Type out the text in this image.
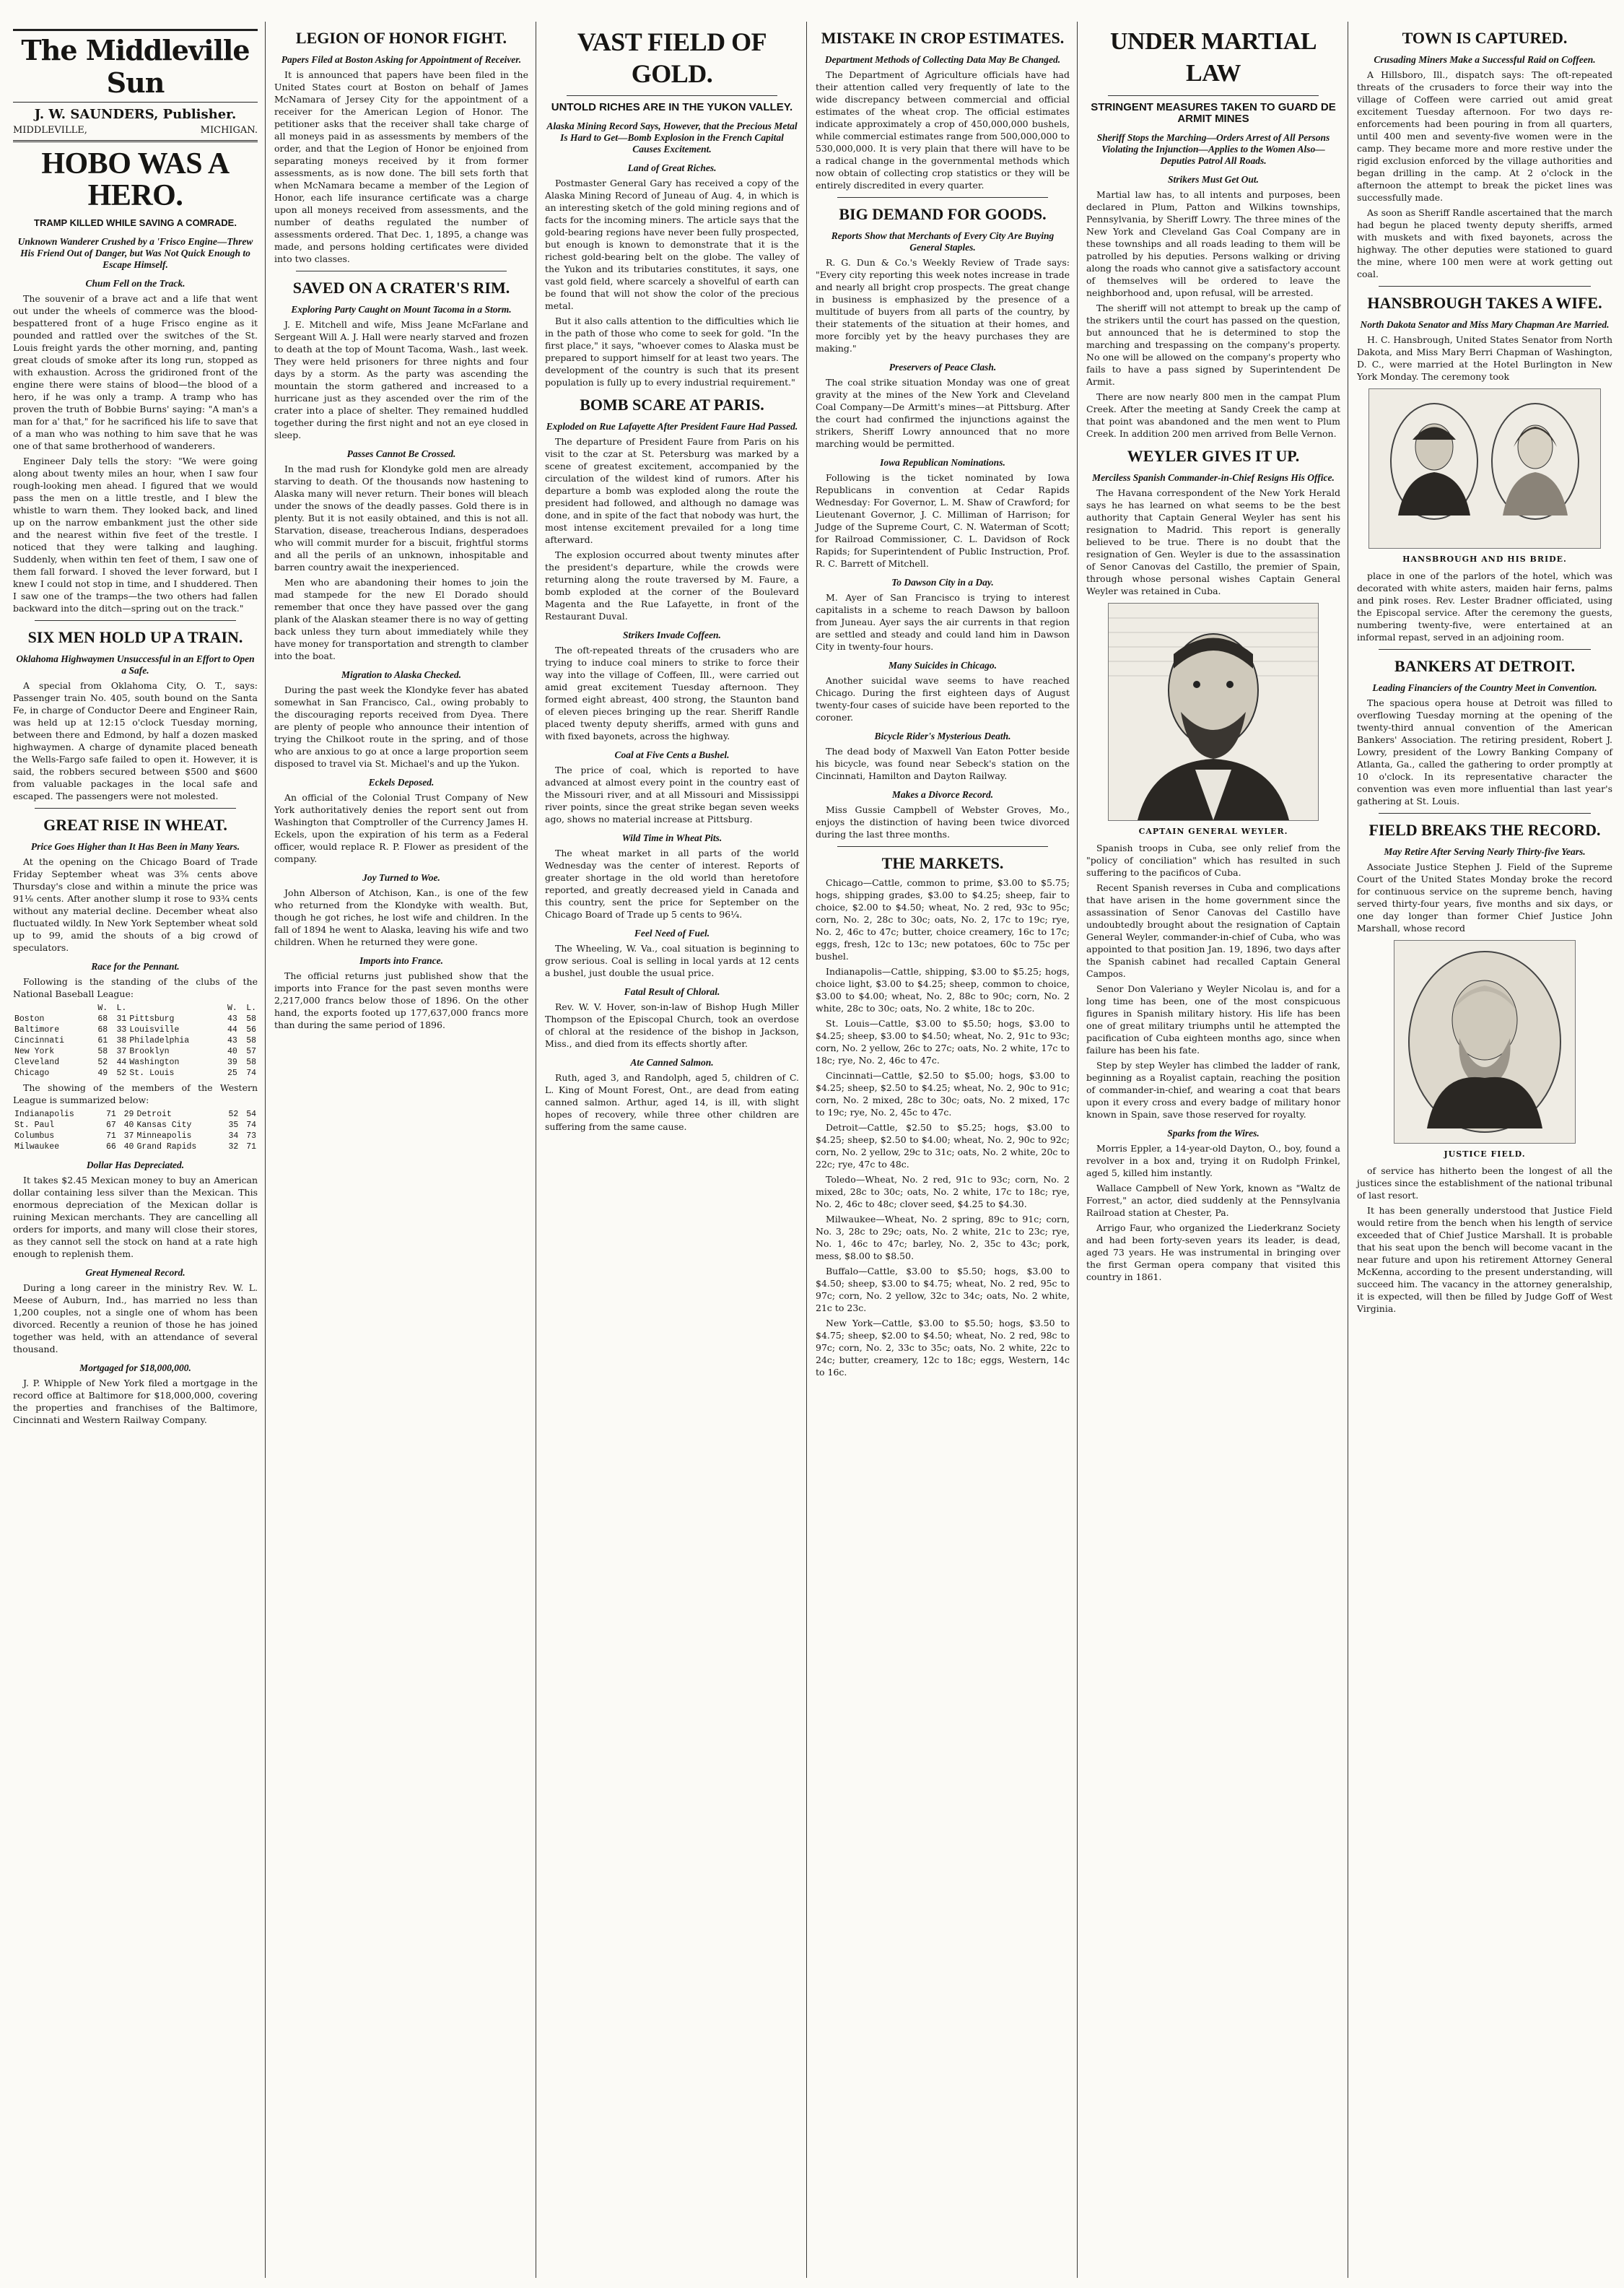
The Middleville Sun
J. W. SAUNDERS, Publisher.
MIDDLEVILLE,	MICHIGAN.
HOBO WAS A HERO.
TRAMP KILLED WHILE SAVING A COMRADE.
Unknown Wanderer Crushed by a 'Frisco Engine—Threw His Friend Out of Danger, but Was Not Quick Enough to Escape Himself.
Chum Fell on the Track.

The souvenir of a brave act and a life that went out under the wheels of commerce was the blood-bespattered front of a huge Frisco engine as it pounded and rattled over the switches of the St. Louis freight yards the other morning, and, panting great clouds of smoke after its long run, stopped as with exhaustion. Across the gridironed front of the engine there were stains of blood—the blood of a hero, if he was only a tramp. A tramp who has proven the truth of Bobbie Burns' saying: "A man's a man for a' that," for he sacrificed his life to save that of a man who was nothing to him save that he was one of that same brotherhood of wanderers.

Engineer Daly tells the story: "We were going along about twenty miles an hour, when I saw four rough-looking men ahead. I figured that we would pass the men on a little trestle, and I blew the whistle to warn them. They looked back, and lined up on the narrow embankment just the other side and the nearest within five feet of the trestle. I noticed that they were talking and laughing. Suddenly, when within ten feet of them, I saw one of them fall forward. I shoved the lever forward, but I knew I could not stop in time, and I shuddered. Then I saw one of the tramps—the two others had fallen backward into the ditch—spring out on the track."

SIX MEN HOLD UP A TRAIN.
Oklahoma Highwaymen Unsuccessful in an Effort to Open a Safe.

A special from Oklahoma City, O. T., says: Passenger train No. 405, south bound on the Santa Fe, in charge of Conductor Deere and Engineer Rain, was held up at 12:15 o'clock Tuesday morning, between there and Edmond, by half a dozen masked highwaymen. A charge of dynamite placed beneath the Wells-Fargo safe failed to open it. However, it is said, the robbers secured between $500 and $600 from valuable packages in the local safe and escaped. The passengers were not molested.

GREAT RISE IN WHEAT.
Price Goes Higher than It Has Been in Many Years.

At the opening on the Chicago Board of Trade Friday September wheat was 3⅝ cents above Thursday's close and within a minute the price was 91⅛ cents. After another slump it rose to 93¾ cents without any material decline. December wheat also fluctuated wildly. In New York September wheat sold up to 99, amid the shouts of a big crowd of speculators.

Race for the Pennant.

Following is the standing of the clubs of the National Baseball League:

	W.	L.		W.	L.
Boston	68	31	Pittsburg	43	58
Baltimore	68	33	Louisville	44	56
Cincinnati	61	38	Philadelphia	43	58
New York	58	37	Brooklyn	40	57
Cleveland	52	44	Washington	39	58
Chicago	49	52	St. Louis	25	74

The showing of the members of the Western League is summarized below:

Indianapolis	71	29	Detroit	52	54
St. Paul	67	40	Kansas City	35	74
Columbus	71	37	Minneapolis	34	73
Milwaukee	66	40	Grand Rapids	32	71
Dollar Has Depreciated.

It takes $2.45 Mexican money to buy an American dollar containing less silver than the Mexican. This enormous depreciation of the Mexican dollar is ruining Mexican merchants. They are cancelling all orders for imports, and many will close their stores, as they cannot sell the stock on hand at a rate high enough to replenish them.

Great Hymeneal Record.

During a long career in the ministry Rev. W. L. Meese of Auburn, Ind., has married no less than 1,200 couples, not a single one of whom has been divorced. Recently a reunion of those he has joined together was held, with an attendance of several thousand.

Mortgaged for $18,000,000.

J. P. Whipple of New York filed a mortgage in the record office at Baltimore for $18,000,000, covering the properties and franchises of the Baltimore, Cincinnati and Western Railway Company.

LEGION OF HONOR FIGHT.
Papers Filed at Boston Asking for Appointment of Receiver.

It is announced that papers have been filed in the United States court at Boston on behalf of James McNamara of Jersey City for the appointment of a receiver for the American Legion of Honor. The petitioner asks that the receiver shall take charge of all moneys paid in as assessments by members of the order, and that the Legion of Honor be enjoined from separating moneys received by it from former assessments, as is now done. The bill sets forth that when McNamara became a member of the Legion of Honor, each life insurance certificate was a charge upon all moneys received from assessments, and the number of deaths regulated the number of assessments ordered. That Dec. 1, 1895, a change was made, and persons holding certificates were divided into two classes.

SAVED ON A CRATER'S RIM.
Exploring Party Caught on Mount Tacoma in a Storm.

J. E. Mitchell and wife, Miss Jeane McFarlane and Sergeant Will A. J. Hall were nearly starved and frozen to death at the top of Mount Tacoma, Wash., last week. They were held prisoners for three nights and four days by a storm. As the party was ascending the mountain the storm gathered and increased to a hurricane just as they ascended over the rim of the crater into a place of shelter. They remained huddled together during the first night and not an eye closed in sleep.

Passes Cannot Be Crossed.

In the mad rush for Klondyke gold men are already starving to death. Of the thousands now hastening to Alaska many will never return. Their bones will bleach under the snows of the deadly passes. Gold there is in plenty. But it is not easily obtained, and this is not all. Starvation, disease, treacherous Indians, desperadoes who will commit murder for a biscuit, frightful storms and all the perils of an unknown, inhospitable and barren country await the inexperienced.

Men who are abandoning their homes to join the mad stampede for the new El Dorado should remember that once they have passed over the gang plank of the Alaskan steamer there is no way of getting back unless they turn about immediately while they have money for transportation and strength to clamber into the boat.

Migration to Alaska Checked.

During the past week the Klondyke fever has abated somewhat in San Francisco, Cal., owing probably to the discouraging reports received from Dyea. There are plenty of people who announce their intention of trying the Chilkoot route in the spring, and of those who are anxious to go at once a large proportion seem disposed to travel via St. Michael's and up the Yukon.

Eckels Deposed.

An official of the Colonial Trust Company of New York authoritatively denies the report sent out from Washington that Comptroller of the Currency James H. Eckels, upon the expiration of his term as a Federal officer, would replace R. P. Flower as president of the company.

Joy Turned to Woe.

John Alberson of Atchison, Kan., is one of the few who returned from the Klondyke with wealth. But, though he got riches, he lost wife and children. In the fall of 1894 he went to Alaska, leaving his wife and two children. When he returned they were gone.

Imports into France.

The official returns just published show that the imports into France for the past seven months were 2,217,000 francs below those of 1896. On the other hand, the exports footed up 177,637,000 francs more than during the same period of 1896.

VAST FIELD OF GOLD.
UNTOLD RICHES ARE IN THE YUKON VALLEY.
Alaska Mining Record Says, However, that the Precious Metal Is Hard to Get—Bomb Explosion in the French Capital Causes Excitement.
Land of Great Riches.

Postmaster General Gary has received a copy of the Alaska Mining Record of Juneau of Aug. 4, in which is an interesting sketch of the gold mining regions and of facts for the incoming miners. The article says that the gold-bearing regions have never been fully prospected, but enough is known to demonstrate that it is the richest gold-bearing belt on the globe. The valley of the Yukon and its tributaries constitutes, it says, one vast gold field, where scarcely a shovelful of earth can be found that will not show the color of the precious metal.

But it also calls attention to the difficulties which lie in the path of those who come to seek for gold. "In the first place," it says, "whoever comes to Alaska must be prepared to support himself for at least two years. The development of the country is such that its present population is fully up to every industrial requirement."

BOMB SCARE AT PARIS.
Exploded on Rue Lafayette After President Faure Had Passed.

The departure of President Faure from Paris on his visit to the czar at St. Petersburg was marked by a scene of greatest excitement, accompanied by the circulation of the wildest kind of rumors. After his departure a bomb was exploded along the route the president had followed, and although no damage was done, and in spite of the fact that nobody was hurt, the most intense excitement prevailed for a long time afterward.

The explosion occurred about twenty minutes after the president's departure, while the crowds were returning along the route traversed by M. Faure, a bomb exploded at the corner of the Boulevard Magenta and the Rue Lafayette, in front of the Restaurant Duval.

Strikers Invade Coffeen.

The oft-repeated threats of the crusaders who are trying to induce coal miners to strike to force their way into the village of Coffeen, Ill., were carried out amid great excitement Tuesday afternoon. They formed eight abreast, 400 strong, the Staunton band of eleven pieces bringing up the rear. Sheriff Randle placed twenty deputy sheriffs, armed with guns and with fixed bayonets, across the highway.

Coal at Five Cents a Bushel.

The price of coal, which is reported to have advanced at almost every point in the country east of the Missouri river, and at all Missouri and Mississippi river points, since the great strike began seven weeks ago, shows no material increase at Pittsburg.

Wild Time in Wheat Pits.

The wheat market in all parts of the world Wednesday was the center of interest. Reports of greater shortage in the old world than heretofore reported, and greatly decreased yield in Canada and this country, sent the price for September on the Chicago Board of Trade up 5 cents to 96¼.

Feel Need of Fuel.

The Wheeling, W. Va., coal situation is beginning to grow serious. Coal is selling in local yards at 12 cents a bushel, just double the usual price.

Fatal Result of Chloral.

Rev. W. V. Hover, son-in-law of Bishop Hugh Miller Thompson of the Episcopal Church, took an overdose of chloral at the residence of the bishop in Jackson, Miss., and died from its effects shortly after.

Ate Canned Salmon.

Ruth, aged 3, and Randolph, aged 5, children of C. L. King of Mount Forest, Ont., are dead from eating canned salmon. Arthur, aged 14, is ill, with slight hopes of recovery, while three other children are suffering from the same cause.

MISTAKE IN CROP ESTIMATES.
Department Methods of Collecting Data May Be Changed.

The Department of Agriculture officials have had their attention called very frequently of late to the wide discrepancy between commercial and official estimates of the wheat crop. The official estimates indicate approximately a crop of 450,000,000 bushels, while commercial estimates range from 500,000,000 to 530,000,000. It is very plain that there will have to be a radical change in the governmental methods which now obtain of collecting crop statistics or they will be entirely discredited in every quarter.

BIG DEMAND FOR GOODS.
Reports Show that Merchants of Every City Are Buying General Staples.

R. G. Dun & Co.'s Weekly Review of Trade says: "Every city reporting this week notes increase in trade and nearly all bright crop prospects. The great change in business is emphasized by the presence of a multitude of buyers from all parts of the country, by their statements of the situation at their homes, and more forcibly yet by the heavy purchases they are making."

Preservers of Peace Clash.

The coal strike situation Monday was one of great gravity at the mines of the New York and Cleveland Coal Company—De Armitt's mines—at Pittsburg. After the court had confirmed the injunctions against the strikers, Sheriff Lowry announced that no more marching would be permitted.

Iowa Republican Nominations.

Following is the ticket nominated by Iowa Republicans in convention at Cedar Rapids Wednesday: For Governor, L. M. Shaw of Crawford; for Lieutenant Governor, J. C. Milliman of Harrison; for Judge of the Supreme Court, C. N. Waterman of Scott; for Railroad Commissioner, C. L. Davidson of Rock Rapids; for Superintendent of Public Instruction, Prof. R. C. Barrett of Mitchell.

To Dawson City in a Day.

M. Ayer of San Francisco is trying to interest capitalists in a scheme to reach Dawson by balloon from Juneau. Ayer says the air currents in that region are settled and steady and could land him in Dawson City in twenty-four hours.

Many Suicides in Chicago.

Another suicidal wave seems to have reached Chicago. During the first eighteen days of August twenty-four cases of suicide have been reported to the coroner.

Bicycle Rider's Mysterious Death.

The dead body of Maxwell Van Eaton Potter beside his bicycle, was found near Sebeck's station on the Cincinnati, Hamilton and Dayton Railway.

Makes a Divorce Record.

Miss Gussie Campbell of Webster Groves, Mo., enjoys the distinction of having been twice divorced during the last three months.

THE MARKETS.

Chicago—Cattle, common to prime, $3.00 to $5.75; hogs, shipping grades, $3.00 to $4.25; sheep, fair to choice, $2.00 to $4.50; wheat, No. 2 red, 93c to 95c; corn, No. 2, 28c to 30c; oats, No. 2, 17c to 19c; rye, No. 2, 46c to 47c; butter, choice creamery, 16c to 17c; eggs, fresh, 12c to 13c; new potatoes, 60c to 75c per bushel.

Indianapolis—Cattle, shipping, $3.00 to $5.25; hogs, choice light, $3.00 to $4.25; sheep, common to choice, $3.00 to $4.00; wheat, No. 2, 88c to 90c; corn, No. 2 white, 28c to 30c; oats, No. 2 white, 18c to 20c.

St. Louis—Cattle, $3.00 to $5.50; hogs, $3.00 to $4.25; sheep, $3.00 to $4.50; wheat, No. 2, 91c to 93c; corn, No. 2 yellow, 26c to 27c; oats, No. 2 white, 17c to 18c; rye, No. 2, 46c to 47c.

Cincinnati—Cattle, $2.50 to $5.00; hogs, $3.00 to $4.25; sheep, $2.50 to $4.25; wheat, No. 2, 90c to 91c; corn, No. 2 mixed, 28c to 30c; oats, No. 2 mixed, 17c to 19c; rye, No. 2, 45c to 47c.

Detroit—Cattle, $2.50 to $5.25; hogs, $3.00 to $4.25; sheep, $2.50 to $4.00; wheat, No. 2, 90c to 92c; corn, No. 2 yellow, 29c to 31c; oats, No. 2 white, 20c to 22c; rye, 47c to 48c.

Toledo—Wheat, No. 2 red, 91c to 93c; corn, No. 2 mixed, 28c to 30c; oats, No. 2 white, 17c to 18c; rye, No. 2, 46c to 48c; clover seed, $4.25 to $4.30.

Milwaukee—Wheat, No. 2 spring, 89c to 91c; corn, No. 3, 28c to 29c; oats, No. 2 white, 21c to 23c; rye, No. 1, 46c to 47c; barley, No. 2, 35c to 43c; pork, mess, $8.00 to $8.50.

Buffalo—Cattle, $3.00 to $5.50; hogs, $3.00 to $4.50; sheep, $3.00 to $4.75; wheat, No. 2 red, 95c to 97c; corn, No. 2 yellow, 32c to 34c; oats, No. 2 white, 21c to 23c.

New York—Cattle, $3.00 to $5.50; hogs, $3.50 to $4.75; sheep, $2.00 to $4.50; wheat, No. 2 red, 98c to 97c; corn, No. 2, 33c to 35c; oats, No. 2 white, 22c to 24c; butter, creamery, 12c to 18c; eggs, Western, 14c to 16c.

UNDER MARTIAL LAW
STRINGENT MEASURES TAKEN TO GUARD DE ARMIT MINES
Sheriff Stops the Marching—Orders Arrest of All Persons Violating the Injunction—Applies to the Women Also—Deputies Patrol All Roads.
Strikers Must Get Out.

Martial law has, to all intents and purposes, been declared in Plum, Patton and Wilkins townships, Pennsylvania, by Sheriff Lowry. The three mines of the New York and Cleveland Gas Coal Company are in these townships and all roads leading to them will be patrolled by his deputies. Persons walking or driving along the roads who cannot give a satisfactory account of themselves will be ordered to leave the neighborhood and, upon refusal, will be arrested.

The sheriff will not attempt to break up the camp of the strikers until the court has passed on the question, but announced that he is determined to stop the marching and trespassing on the company's property. No one will be allowed on the company's property who fails to have a pass signed by Superintendent De Armit.

There are now nearly 800 men in the campat Plum Creek. After the meeting at Sandy Creek the camp at that point was abandoned and the men went to Plum Creek. In addition 200 men arrived from Belle Vernon.

WEYLER GIVES IT UP.
Merciless Spanish Commander-in-Chief Resigns His Office.

The Havana correspondent of the New York Herald says he has learned on what seems to be the best authority that Captain General Weyler has sent his resignation to Madrid. This report is generally believed to be true. There is no doubt that the resignation of Gen. Weyler is due to the assassination of Senor Canovas del Castillo, the premier of Spain, through whose personal wishes Captain General Weyler was retained in Cuba.

CAPTAIN GENERAL WEYLER.

Spanish troops in Cuba, see only relief from the "policy of conciliation" which has resulted in such suffering to the pacificos of Cuba.

Recent Spanish reverses in Cuba and complications that have arisen in the home government since the assassination of Senor Canovas del Castillo have undoubtedly brought about the resignation of Captain General Weyler, commander-in-chief of Cuba, who was appointed to that position Jan. 19, 1896, two days after the Spanish cabinet had recalled Captain General Campos.

Senor Don Valeriano y Weyler Nicolau is, and for a long time has been, one of the most conspicuous figures in Spanish military history. His life has been one of great military triumphs until he attempted the pacification of Cuba eighteen months ago, since when failure has been his fate.

Step by step Weyler has climbed the ladder of rank, beginning as a Royalist captain, reaching the position of commander-in-chief, and wearing a coat that bears upon it every cross and every badge of military honor known in Spain, save those reserved for royalty.

Sparks from the Wires.

Morris Eppler, a 14-year-old Dayton, O., boy, found a revolver in a box and, trying it on Rudolph Frinkel, aged 5, killed him instantly.

Wallace Campbell of New York, known as "Waltz de Forrest," an actor, died suddenly at the Pennsylvania Railroad station at Chester, Pa.

Arrigo Faur, who organized the Liederkranz Society and had been forty-seven years its leader, is dead, aged 73 years. He was instrumental in bringing over the first German opera company that visited this country in 1861.

TOWN IS CAPTURED.
Crusading Miners Make a Successful Raid on Coffeen.

A Hillsboro, Ill., dispatch says: The oft-repeated threats of the crusaders to force their way into the village of Coffeen were carried out amid great excitement Tuesday afternoon. For two days re-enforcements had been pouring in from all quarters, until 400 men and seventy-five women were in the camp. They became more and more restive under the rigid exclusion enforced by the village authorities and began drilling in the camp. At 2 o'clock in the afternoon the attempt to break the picket lines was successfully made.

As soon as Sheriff Randle ascertained that the march had begun he placed twenty deputy sheriffs, armed with muskets and with fixed bayonets, across the highway. The other deputies were stationed to guard the mine, where 100 men were at work getting out coal.

HANSBROUGH TAKES A WIFE.
North Dakota Senator and Miss Mary Chapman Are Married.

H. C. Hansbrough, United States Senator from North Dakota, and Miss Mary Berri Chapman of Washington, D. C., were married at the Hotel Burlington in New York Monday. The ceremony took

HANSBROUGH AND HIS BRIDE.

place in one of the parlors of the hotel, which was decorated with white asters, maiden hair ferns, palms and pink roses. Rev. Lester Bradner officiated, using the Episcopal service. After the ceremony the guests, numbering twenty-five, were entertained at an informal repast, served in an adjoining room.

BANKERS AT DETROIT.
Leading Financiers of the Country Meet in Convention.

The spacious opera house at Detroit was filled to overflowing Tuesday morning at the opening of the twenty-third annual convention of the American Bankers' Association. The retiring president, Robert J. Lowry, president of the Lowry Banking Company of Atlanta, Ga., called the gathering to order promptly at 10 o'clock. In its representative character the convention was even more influential than last year's gathering at St. Louis.

FIELD BREAKS THE RECORD.
May Retire After Serving Nearly Thirty-five Years.

Associate Justice Stephen J. Field of the Supreme Court of the United States Monday broke the record for continuous service on the supreme bench, having served thirty-four years, five months and six days, or one day longer than former Chief Justice John Marshall, whose record

JUSTICE FIELD.

of service has hitherto been the longest of all the justices since the establishment of the national tribunal of last resort.

It has been generally understood that Justice Field would retire from the bench when his length of service exceeded that of Chief Justice Marshall. It is probable that his seat upon the bench will become vacant in the near future and upon his retirement Attorney General McKenna, according to the present understanding, will succeed him. The vacancy in the attorney generalship, it is expected, will then be filled by Judge Goff of West Virginia.
